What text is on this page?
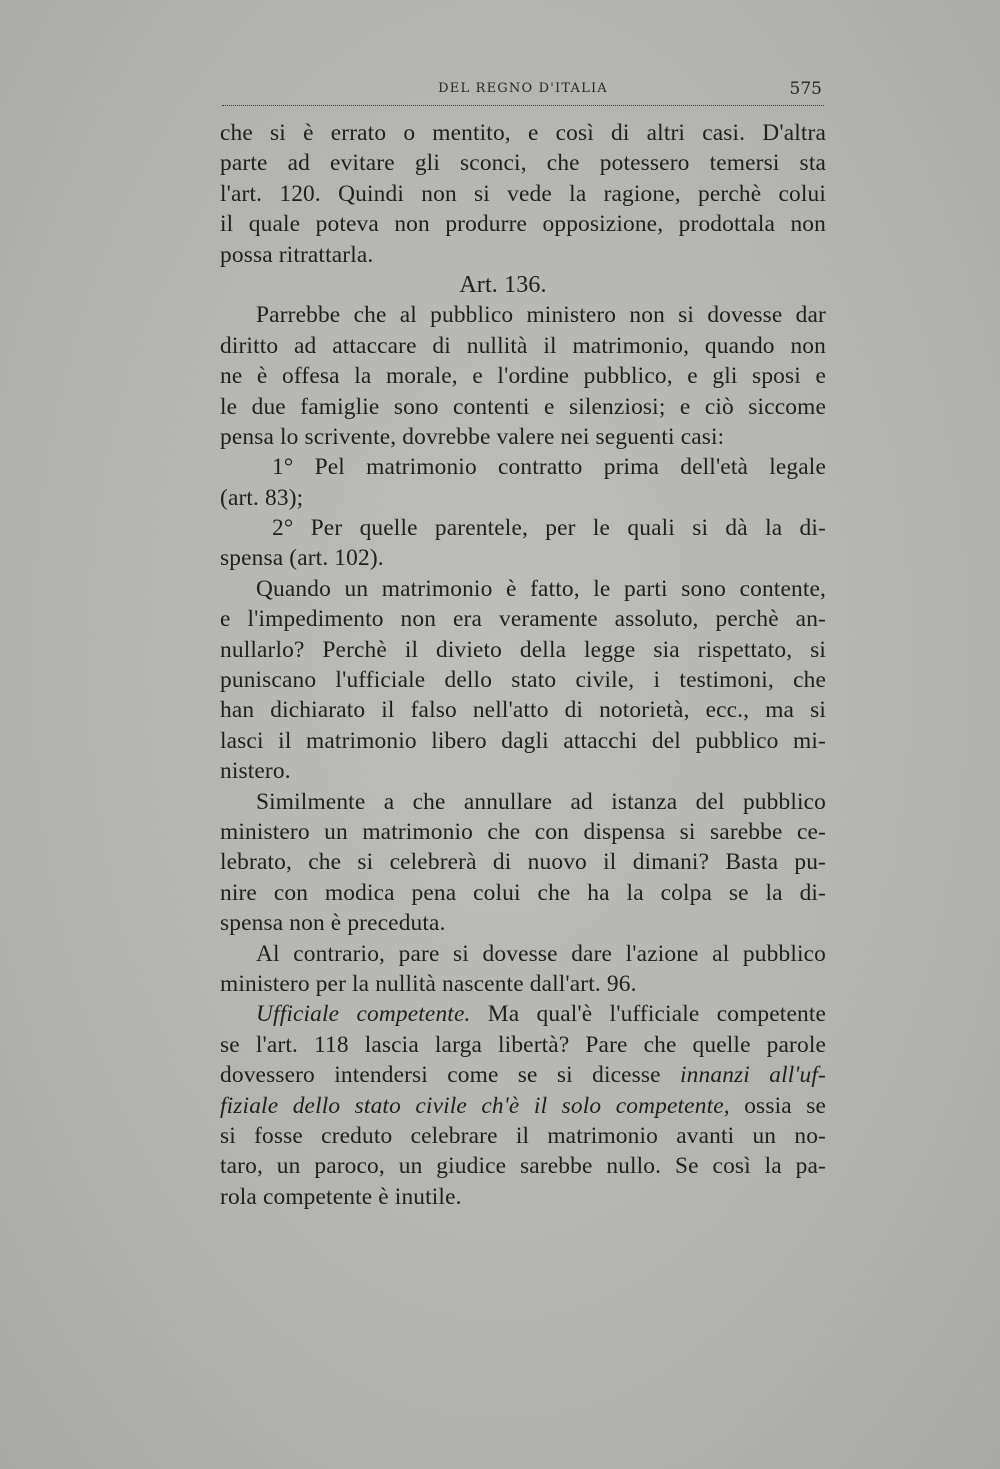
DEL REGNO D'ITALIA	575
che si è errato o mentito, e così di altri casi. D'altra
parte ad evitare gli sconci, che potessero temersi sta
l'art. 120. Quindi non si vede la ragione, perchè colui
il quale poteva non produrre opposizione, prodottala non
possa ritrattarla.
Art. 136.
Parrebbe che al pubblico ministero non si dovesse dar
diritto ad attaccare di nullità il matrimonio, quando non
ne è offesa la morale, e l'ordine pubblico, e gli sposi e
le due famiglie sono contenti e silenziosi; e ciò siccome
pensa lo scrivente, dovrebbe valere nei seguenti casi:
1° Pel matrimonio contratto prima dell'età legale
(art. 83);
2° Per quelle parentele, per le quali si dà la di-
spensa (art. 102).
Quando un matrimonio è fatto, le parti sono contente,
e l'impedimento non era veramente assoluto, perchè an-
nullarlo? Perchè il divieto della legge sia rispettato, si
puniscano l'ufficiale dello stato civile, i testimoni, che
han dichiarato il falso nell'atto di notorietà, ecc., ma si
lasci il matrimonio libero dagli attacchi del pubblico mi-
nistero.
Similmente a che annullare ad istanza del pubblico
ministero un matrimonio che con dispensa si sarebbe ce-
lebrato, che si celebrerà di nuovo il dimani? Basta pu-
nire con modica pena colui che ha la colpa se la di-
spensa non è preceduta.
Al contrario, pare si dovesse dare l'azione al pubblico
ministero per la nullità nascente dall'art. 96.
Ufficiale competente. Ma qual'è l'ufficiale competente
se l'art. 118 lascia larga libertà? Pare che quelle parole
dovessero intendersi come se si dicesse innanzi all'uf-
fiziale dello stato civile ch'è il solo competente, ossia se
si fosse creduto celebrare il matrimonio avanti un no-
taro, un paroco, un giudice sarebbe nullo. Se così la pa-
rola competente è inutile.
